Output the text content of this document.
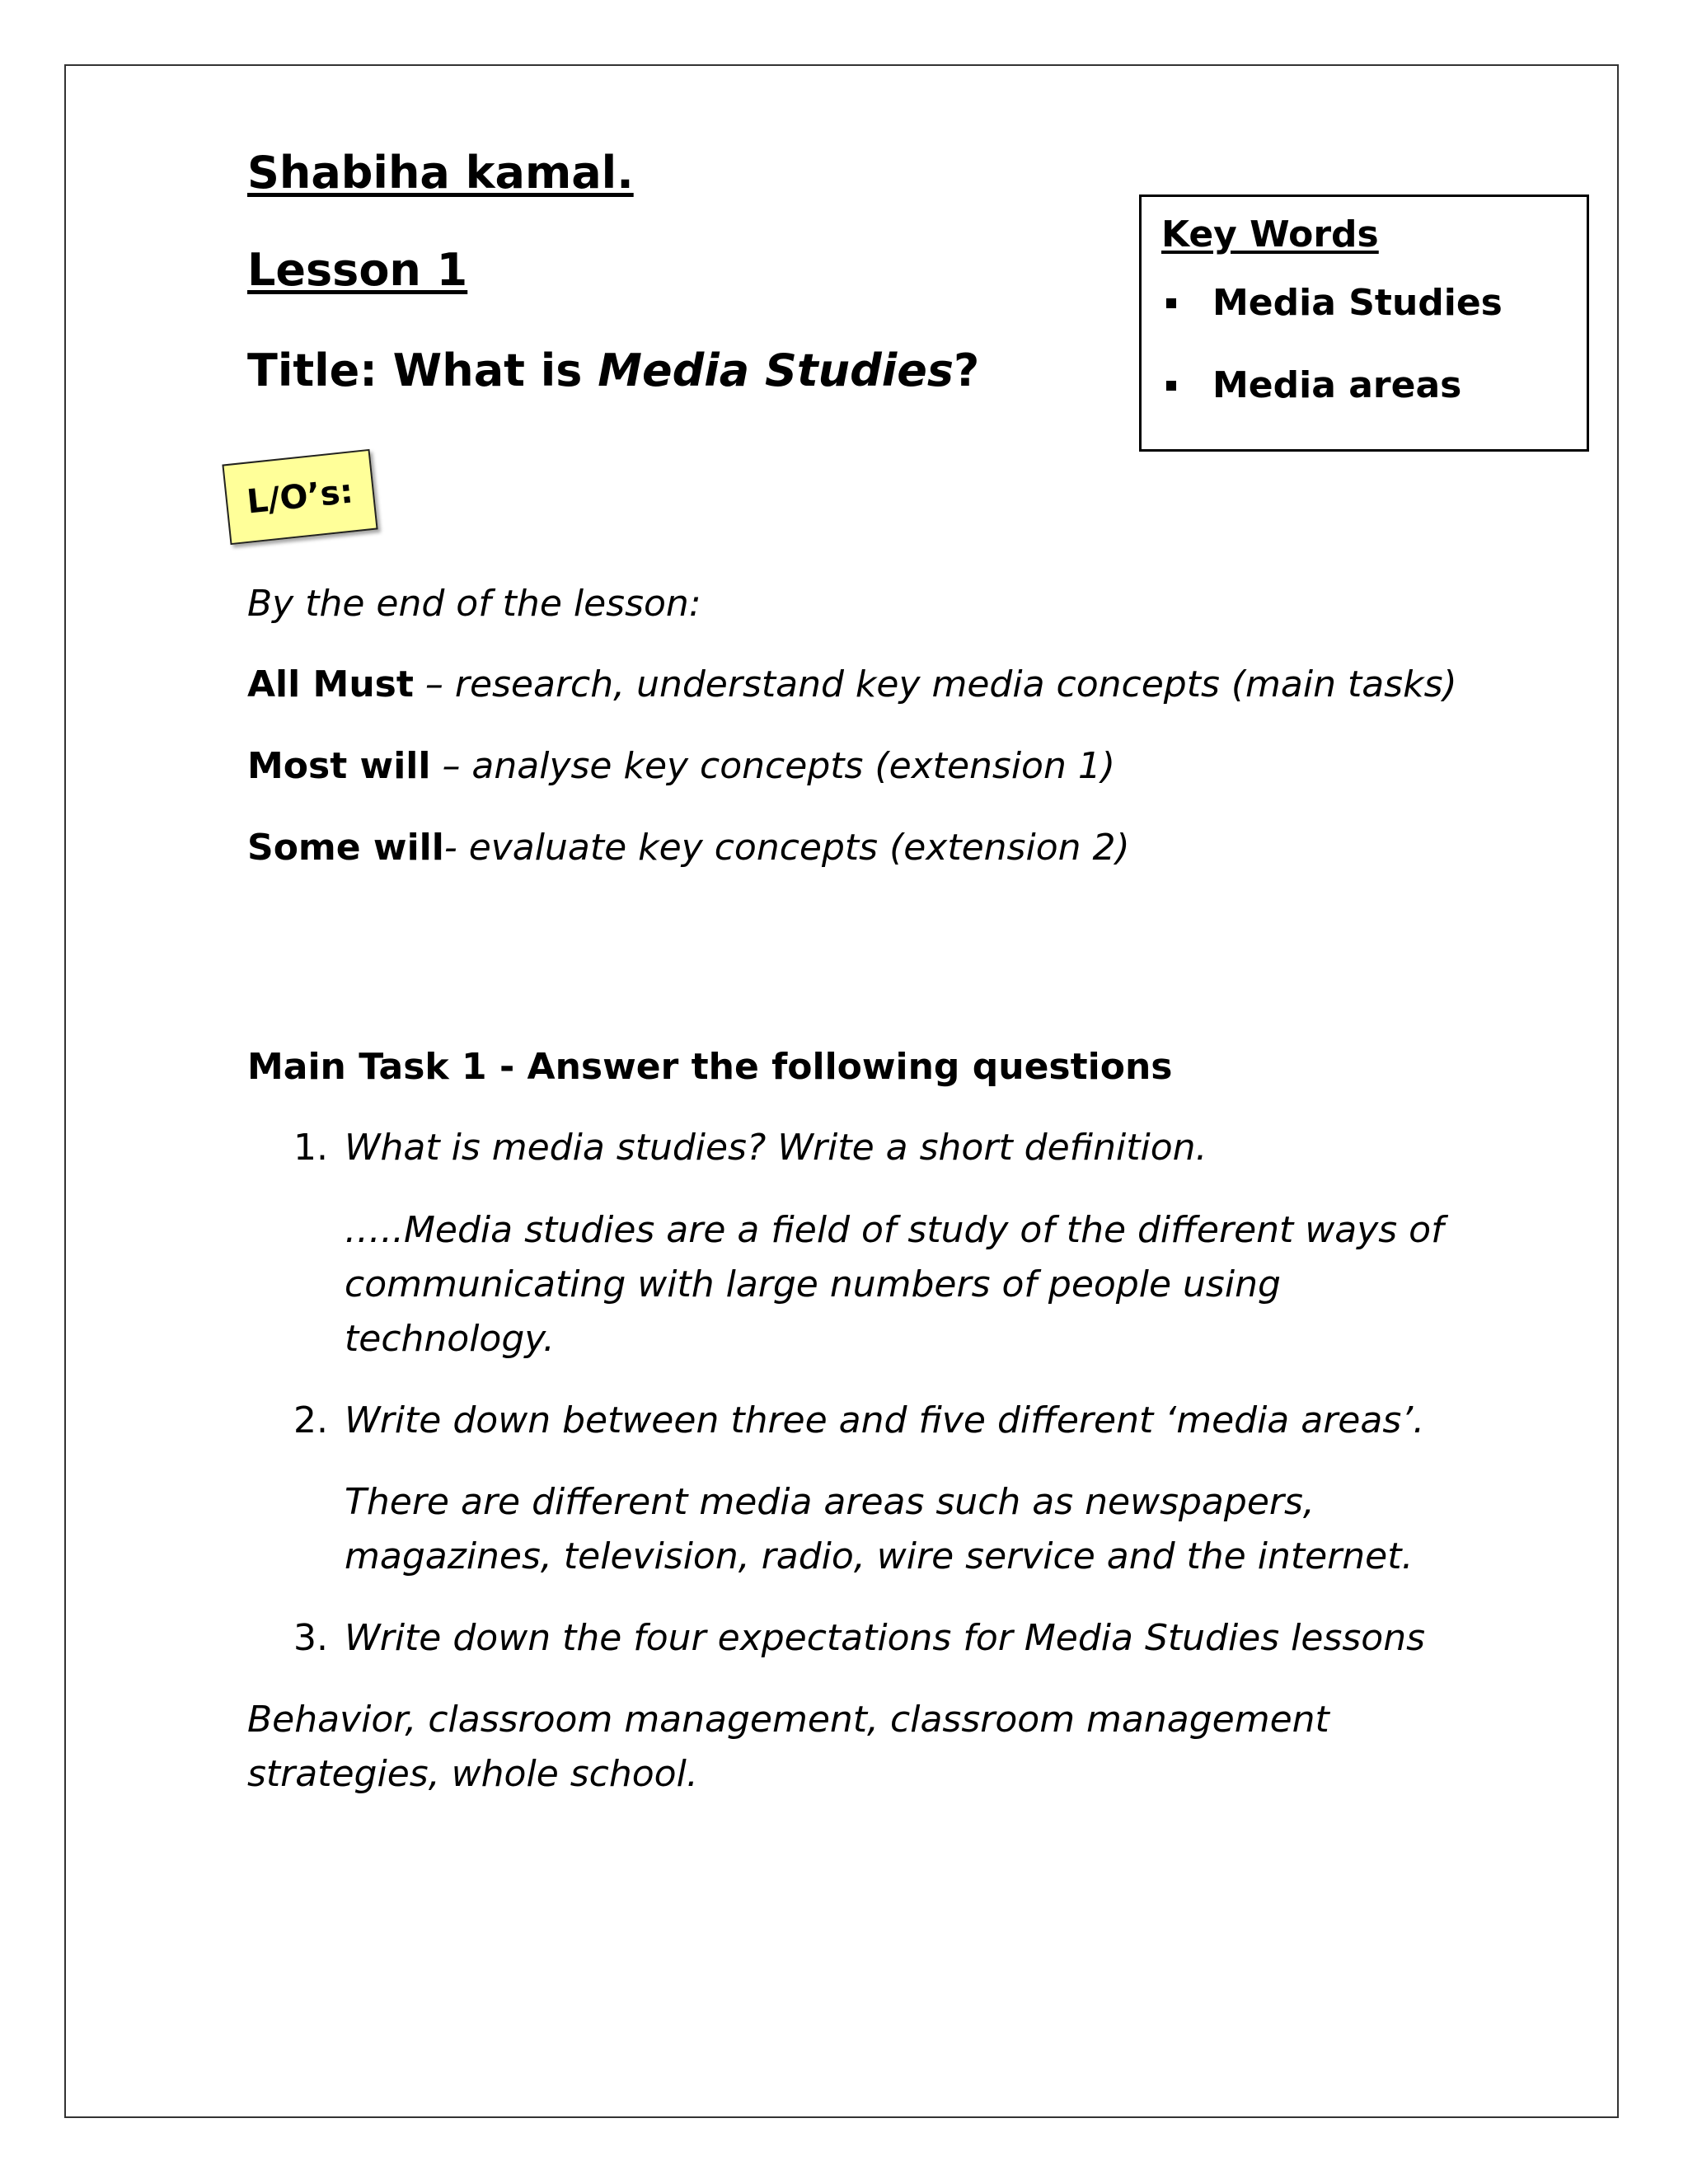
Shabiha kamal.
Lesson 1
Title: What is Media Studies?
Key Words
Media Studies
Media areas
L/O’s:
By the end of the lesson:
All Must – research, understand key media concepts (main tasks)
Most will – analyse key concepts (extension 1)
Some will- evaluate key concepts (extension 2)
Main Task 1 - Answer the following questions
1. What is media studies? Write a short definition.
…..Media studies are a field of study of the different ways of
communicating with large numbers of people using
technology.
2. Write down between three and five different ‘media areas’.
There are different media areas such as newspapers,
magazines, television, radio, wire service and the internet.
3. Write down the four expectations for Media Studies lessons
Behavior, classroom management, classroom management
strategies, whole school.
